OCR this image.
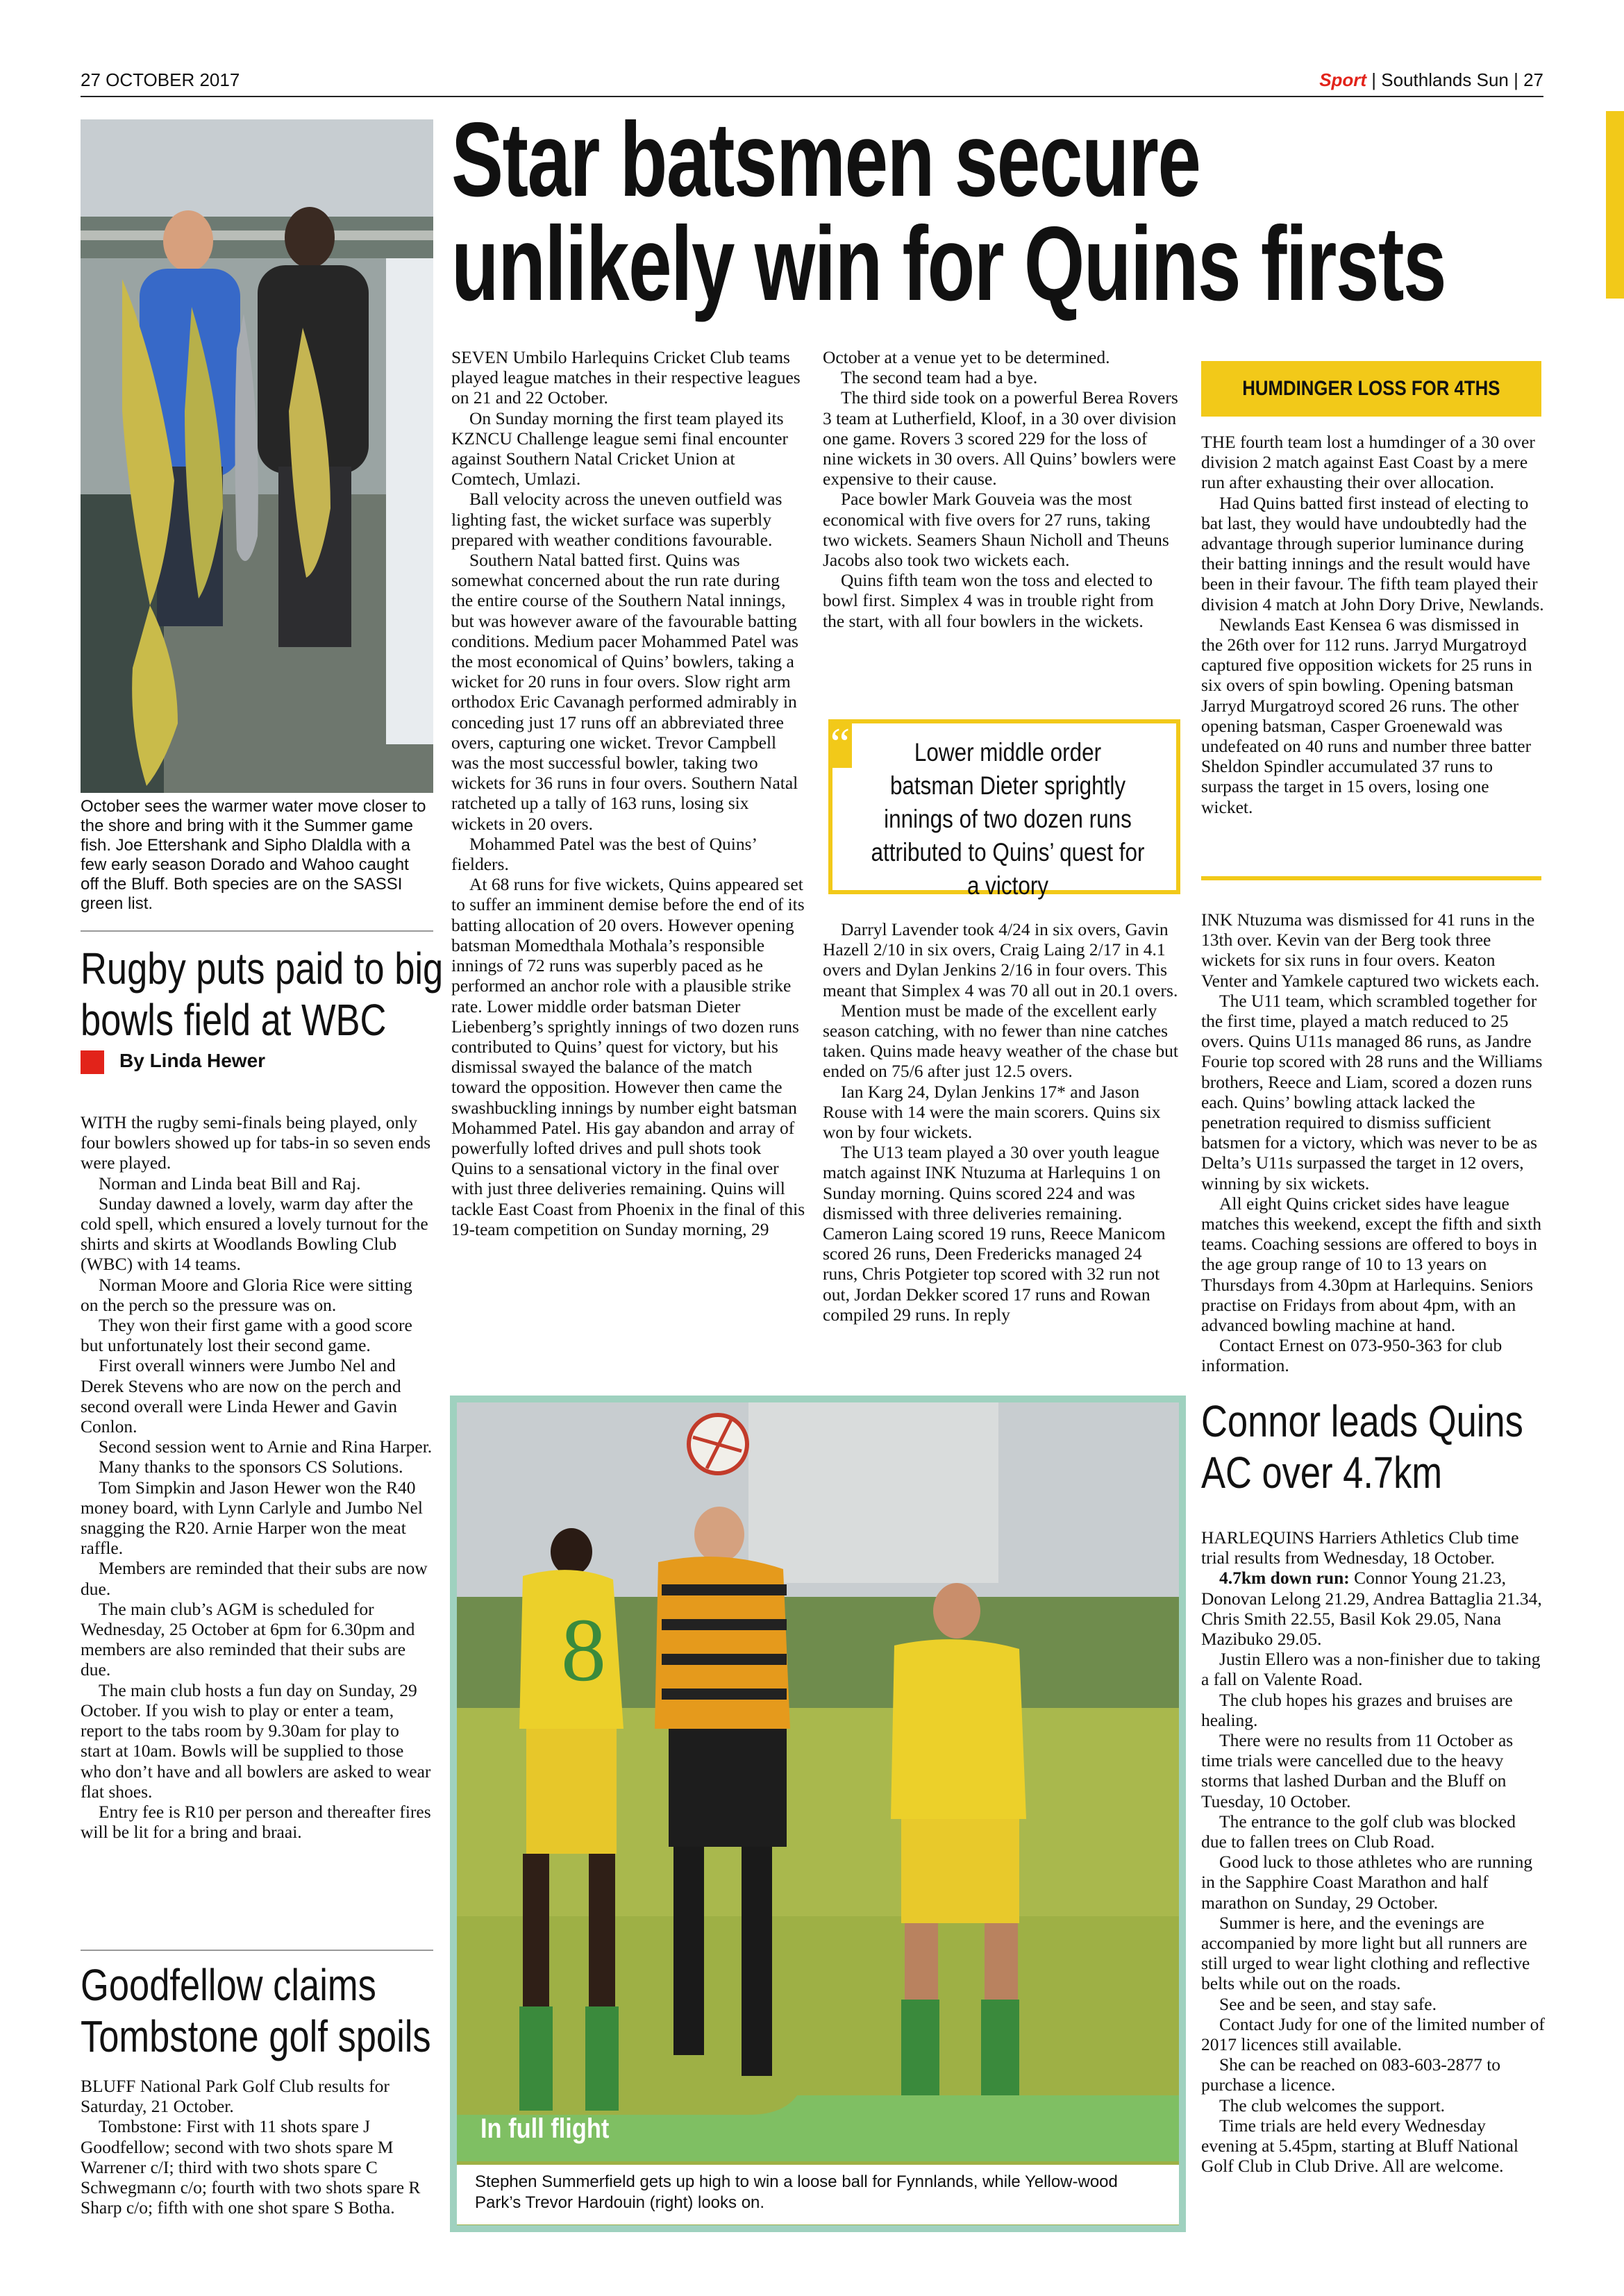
27 OCTOBER 2017	Sport | Southlands Sun | 27
Star batsmen secure
unlikely win for Quins firsts
October sees the warmer water move closer to the shore and bring with it the Summer game fish. Joe Ettershank and Sipho Dlaldla with a few early season Dorado and Wahoo caught off the Bluff. Both species are on the SASSI green list.
Rugby puts paid to big
bowls field at WBC
By Linda Hewer

WITH the rugby semi-finals being played, only four bowlers showed up for tabs-in so seven ends were played.

Norman and Linda beat Bill and Raj.

Sunday dawned a lovely, warm day after the cold spell, which ensured a lovely turnout for the shirts and skirts at Woodlands Bowling Club (WBC) with 14 teams.

Norman Moore and Gloria Rice were sitting on the perch so the pressure was on.

They won their first game with a good score but unfortunately lost their second game.

First overall winners were Jumbo Nel and Derek Stevens who are now on the perch and second overall were Linda Hewer and Gavin Conlon.

Second session went to Arnie and Rina Harper.

Many thanks to the sponsors CS Solutions.

Tom Simpkin and Jason Hewer won the R40 money board, with Lynn Carlyle and Jumbo Nel snagging the R20. Arnie Harper won the meat raffle.

Members are reminded that their subs are now due.

The main club’s AGM is scheduled for Wednesday, 25 October at 6pm for 6.30pm and members are also reminded that their subs are due.

The main club hosts a fun day on Sunday, 29 October. If you wish to play or enter a team, report to the tabs room by 9.30am for play to start at 10am. Bowls will be supplied to those who don’t have and all bowlers are asked to wear flat shoes.

Entry fee is R10 per person and thereafter fires will be lit for a bring and braai.

Goodfellow claims
Tombstone golf spoils

BLUFF National Park Golf Club results for Saturday, 21 October.

Tombstone: First with 11 shots spare J Goodfellow; second with two shots spare M Warrener c/I; third with two shots spare C Schwegmann c/o; fourth with two shots spare R Sharp c/o; fifth with one shot spare S Botha.

SEVEN Umbilo Harlequins Cricket Club teams played league matches in their respective leagues on 21 and 22 October.

On Sunday morning the first team played its KZNCU Challenge league semi final encounter against Southern Natal Cricket Union at Comtech, Umlazi.

Ball velocity across the uneven outfield was lighting fast, the wicket surface was superbly prepared with weather conditions favourable.

Southern Natal batted first. Quins was somewhat concerned about the run rate during the entire course of the Southern Natal innings, but was however aware of the favourable batting conditions. Medium pacer Mohammed Patel was the most economical of Quins’ bowlers, taking a wicket for 20 runs in four overs. Slow right arm orthodox Eric Cavanagh performed admirably in conceding just 17 runs off an abbreviated three overs, capturing one wicket. Trevor Campbell was the most successful bowler, taking two wickets for 36 runs in four overs. Southern Natal ratcheted up a tally of 163 runs, losing six wickets in 20 overs.

Mohammed Patel was the best of Quins’ fielders.

At 68 runs for five wickets, Quins appeared set to suffer an imminent demise before the end of its batting allocation of 20 overs. However opening batsman Momedthala Mothala’s responsible innings of 72 runs was superbly paced as he performed an anchor role with a plausible strike rate. Lower middle order batsman Dieter Liebenberg’s sprightly innings of two dozen runs contributed to Quins’ quest for victory, but his dismissal swayed the balance of the match toward the opposition. However then came the swashbuckling innings by number eight batsman Mohammed Patel. His gay abandon and array of powerfully lofted drives and pull shots took Quins to a sensational victory in the final over with just three deliveries remaining. Quins will tackle East Coast from Phoenix in the final of this 19-team competition on Sunday morning, 29

October at a venue yet to be determined.

The second team had a bye.

The third side took on a powerful Berea Rovers 3 team at Lutherfield, Kloof, in a 30 over division one game. Rovers 3 scored 229 for the loss of nine wickets in 30 overs. All Quins’ bowlers were expensive to their cause.

Pace bowler Mark Gouveia was the most economical with five overs for 27 runs, taking two wickets. Seamers Shaun Nicholl and Theuns Jacobs also took two wickets each.

Quins fifth team won the toss and elected to bowl first. Simplex 4 was in trouble right from the start, with all four bowlers in the wickets.

“	Lower middle order batsman Dieter sprightly innings of two dozen runs attributed to Quins’ quest for a victory

Darryl Lavender took 4/24 in six overs, Gavin Hazell 2/10 in six overs, Craig Laing 2/17 in 4.1 overs and Dylan Jenkins 2/16 in four overs. This meant that Simplex 4 was 70 all out in 20.1 overs.

Mention must be made of the excellent early season catching, with no fewer than nine catches taken. Quins made heavy weather of the chase but ended on 75/6 after just 12.5 overs.

Ian Karg 24, Dylan Jenkins 17* and Jason Rouse with 14 were the main scorers. Quins six won by four wickets.

The U13 team played a 30 over youth league match against INK Ntuzuma at Harlequins 1 on Sunday morning. Quins scored 224 and was dismissed with three deliveries remaining. Cameron Laing scored 19 runs, Reece Manicom scored 26 runs, Deen Fredericks managed 24 runs, Chris Potgieter top scored with 32 run not out, Jordan Dekker scored 17 runs and Rowan compiled 29 runs. In reply

HUMDINGER LOSS FOR 4THS

THE fourth team lost a humdinger of a 30 over division 2 match against East Coast by a mere run after exhausting their over allocation.

Had Quins batted first instead of electing to bat last, they would have undoubtedly had the advantage through superior luminance during their batting innings and the result would have been in their favour. The fifth team played their division 4 match at John Dory Drive, Newlands.

Newlands East Kensea 6 was dismissed in the 26th over for 112 runs. Jarryd Murgatroyd captured five opposition wickets for 25 runs in six overs of spin bowling. Opening batsman Jarryd Murgatroyd scored 26 runs. The other opening batsman, Casper Groenewald was undefeated on 40 runs and number three batter Sheldon Spindler accumulated 37 runs to surpass the target in 15 overs, losing one wicket.

INK Ntuzuma was dismissed for 41 runs in the 13th over. Kevin van der Berg took three wickets for six runs in four overs. Keaton Venter and Yamkele captured two wickets each.

The U11 team, which scrambled together for the first time, played a match reduced to 25 overs. Quins U11s managed 86 runs, as Jandre Fourie top scored with 28 runs and the Williams brothers, Reece and Liam, scored a dozen runs each. Quins’ bowling attack lacked the penetration required to dismiss sufficient batsmen for a victory, which was never to be as Delta’s U11s surpassed the target in 12 overs, winning by six wickets.

All eight Quins cricket sides have league matches this weekend, except the fifth and sixth teams. Coaching sessions are offered to boys in the age group range of 10 to 13 years on Thursdays from 4.30pm at Harlequins. Seniors practise on Fridays from about 4pm, with an advanced bowling machine at hand.

Contact Ernest on 073-950-363 for club information.

8
In full flight
Stephen Summerfield gets up high to win a loose ball for Fynnlands, while Yellow-wood Park’s Trevor Hardouin (right) looks on.
Connor leads Quins
AC over 4.7km

HARLEQUINS Harriers Athletics Club time trial results from Wednesday, 18 October.

4.7km down run: Connor Young 21.23, Donovan Lelong 21.29, Andrea Battaglia 21.34, Chris Smith 22.55, Basil Kok 29.05, Nana Mazibuko 29.05.

Justin Ellero was a non-finisher due to taking a fall on Valente Road.

The club hopes his grazes and bruises are healing.

There were no results from 11 October as time trials were cancelled due to the heavy storms that lashed Durban and the Bluff on Tuesday, 10 October.

The entrance to the golf club was blocked due to fallen trees on Club Road.

Good luck to those athletes who are running in the Sapphire Coast Marathon and half marathon on Sunday, 29 October.

Summer is here, and the evenings are accompanied by more light but all runners are still urged to wear light clothing and reflective belts while out on the roads.

See and be seen, and stay safe.

Contact Judy for one of the limited number of 2017 licences still available.

She can be reached on 083-603-2877 to purchase a licence.

The club welcomes the support.

Time trials are held every Wednesday evening at 5.45pm, starting at Bluff National Golf Club in Club Drive. All are welcome.
